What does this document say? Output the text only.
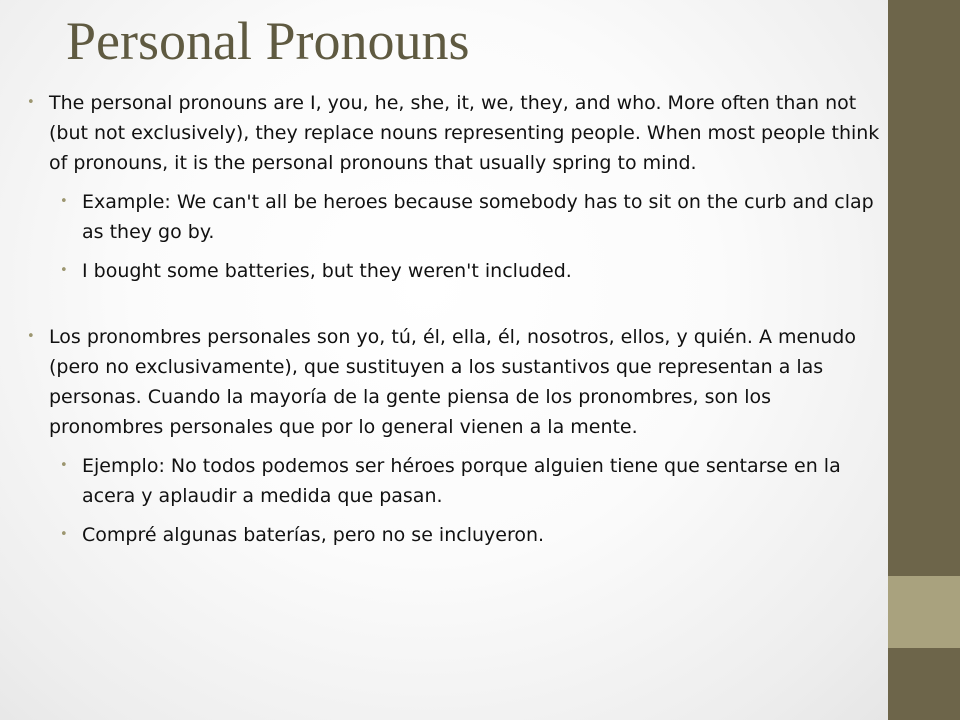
Personal Pronouns
• The personal pronouns are I, you, he, she, it, we, they, and who. More often than not (but not exclusively), they replace nouns representing people. When most people think of pronouns, it is the personal pronouns that usually spring to mind.
• Example: We can't all be heroes because somebody has to sit on the curb and clap as they go by.
• I bought some batteries, but they weren't included.
• Los pronombres personales son yo, tú, él, ella, él, nosotros, ellos, y quién. A menudo (pero no exclusivamente), que sustituyen a los sustantivos que representan a las personas. Cuando la mayoría de la gente piensa de los pronombres, son los pronombres personales que por lo general vienen a la mente.
• Ejemplo: No todos podemos ser héroes porque alguien tiene que sentarse en la acera y aplaudir a medida que pasan.
• Compré algunas baterías, pero no se incluyeron.
